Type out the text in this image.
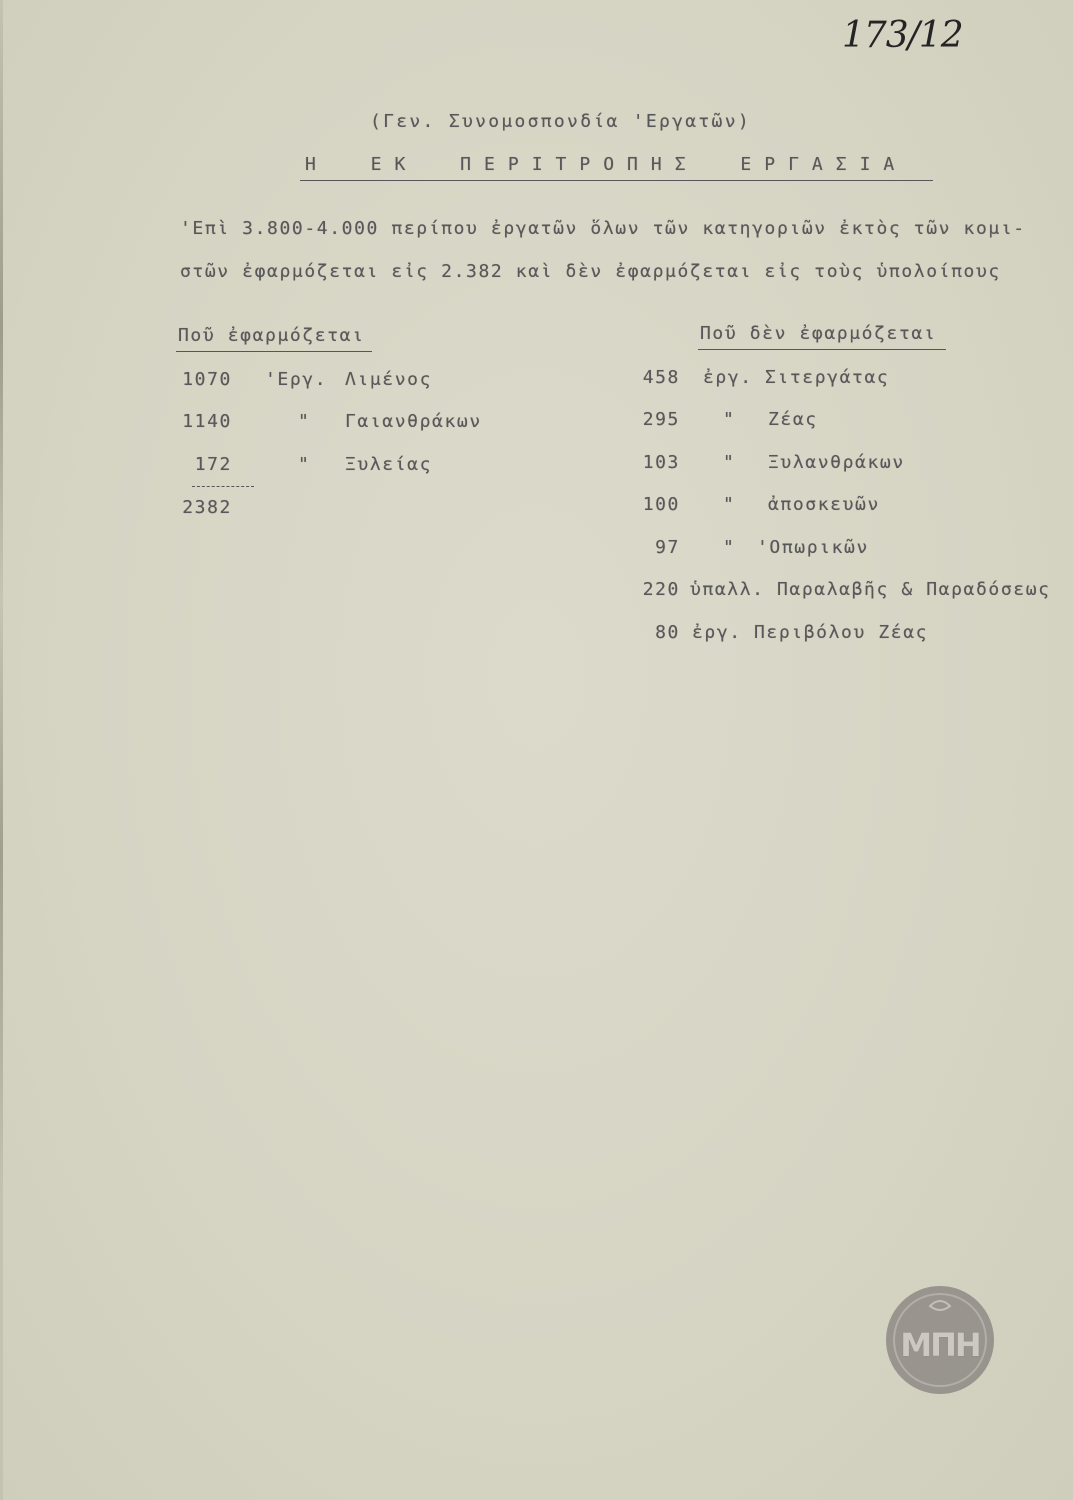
173/12
(Γεν. Συνομοσπονδία 'Εργατῶν)
Η ΕΚ ΠΕΡΙΤΡΟΠΗΣ ΕΡΓΑΣΙΑ
'Επὶ 3.800-4.000 περίπου ἐργατῶν ὅλων τῶν κατηγοριῶν ἐκτὸς τῶν κομι-
στῶν ἐφαρμόζεται εἰς 2.382 καὶ δὲν ἐφαρμόζεται εἰς τοὺς ὑπολοίπους
Ποῦ ἐφαρμόζεται
1070 'Εργ. Λιμένος
1140	" Γαιανθράκων
172	" Ξυλείας
2382
Ποῦ δὲν ἐφαρμόζεται
458 ἐργ. Σιτεργάτας
295 " Ζέας
103 " Ξυλανθράκων
100 " ἀποσκευῶν
97 " 'Οπωρικῶν
220 ὑπαλλ. Παραλαβῆς & Παραδόσεως
80 ἐργ. Περιβόλου Ζέας
ΜΠΗ
